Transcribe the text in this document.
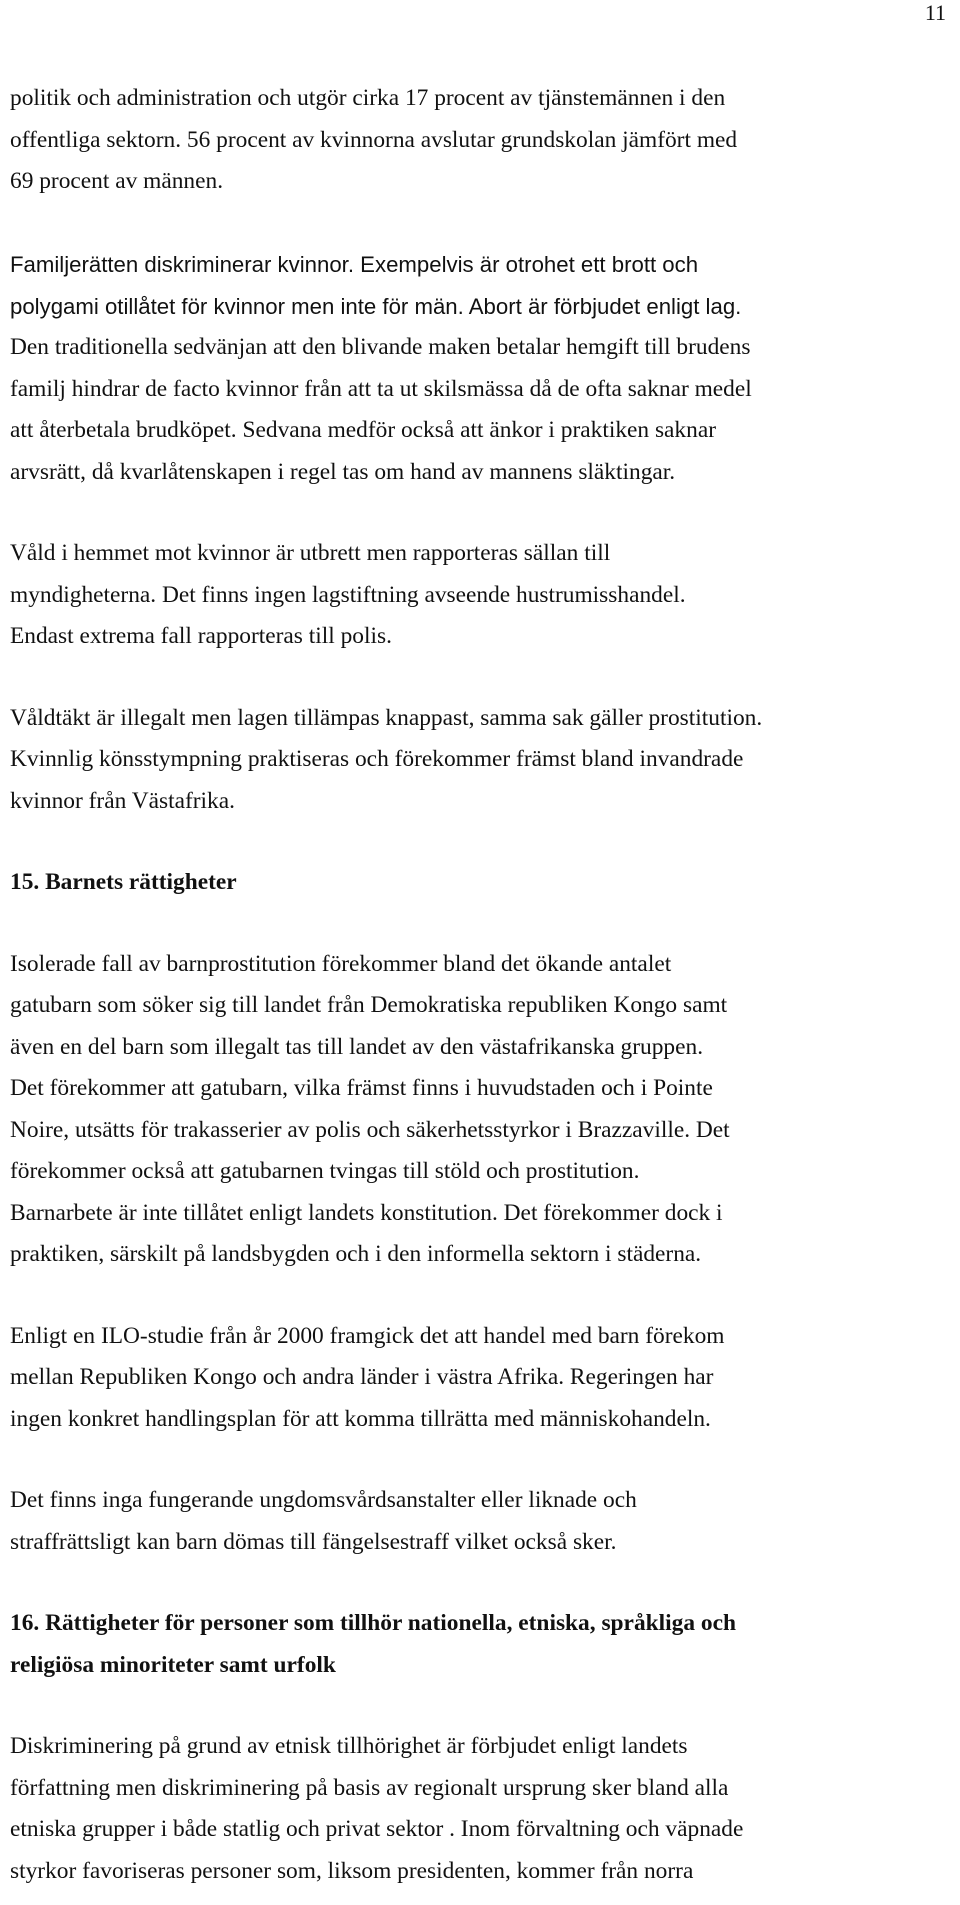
11

politik och administration och utgör cirka 17 procent av tjänstemännen i den
offentliga sektorn. 56 procent av kvinnorna avslutar grundskolan jämfört med
69 procent av männen.

Familjerätten diskriminerar kvinnor. Exempelvis är otrohet ett brott och
polygami otillåtet för kvinnor men inte för män. Abort är förbjudet enligt lag.
Den traditionella sedvänjan att den blivande maken betalar hemgift till brudens
familj hindrar de facto kvinnor från att ta ut skilsmässa då de ofta saknar medel
att återbetala brudköpet. Sedvana medför också att änkor i praktiken saknar
arvsrätt, då kvarlåtenskapen i regel tas om hand av mannens släktingar.

Våld i hemmet mot kvinnor är utbrett men rapporteras sällan till
myndigheterna. Det finns ingen lagstiftning avseende hustrumisshandel.
Endast extrema fall rapporteras till polis.

Våldtäkt är illegalt men lagen tillämpas knappast, samma sak gäller prostitution.
Kvinnlig könsstympning praktiseras och förekommer främst bland invandrade
kvinnor från Västafrika.

15. Barnets rättigheter

Isolerade fall av barnprostitution förekommer bland det ökande antalet
gatubarn som söker sig till landet från Demokratiska republiken Kongo samt
även en del barn som illegalt tas till landet av den västafrikanska gruppen.
Det förekommer att gatubarn, vilka främst finns i huvudstaden och i Pointe
Noire, utsätts för trakasserier av polis och säkerhetsstyrkor i Brazzaville. Det
förekommer också att gatubarnen tvingas till stöld och prostitution.
Barnarbete är inte tillåtet enligt landets konstitution. Det förekommer dock i
praktiken, särskilt på landsbygden och i den informella sektorn i städerna.

Enligt en ILO-studie från år 2000 framgick det att handel med barn förekom
mellan Republiken Kongo och andra länder i västra Afrika. Regeringen har
ingen konkret handlingsplan för att komma tillrätta med människohandeln.

Det finns inga fungerande ungdomsvårdsanstalter eller liknade och
straffrättsligt kan barn dömas till fängelsestraff vilket också sker.

16. Rättigheter för personer som tillhör nationella, etniska, språkliga och
religiösa minoriteter samt urfolk

Diskriminering på grund av etnisk tillhörighet är förbjudet enligt landets
författning men diskriminering på basis av regionalt ursprung sker bland alla
etniska grupper i både statlig och privat sektor . Inom förvaltning och väpnade
styrkor favoriseras personer som, liksom presidenten, kommer från norra
